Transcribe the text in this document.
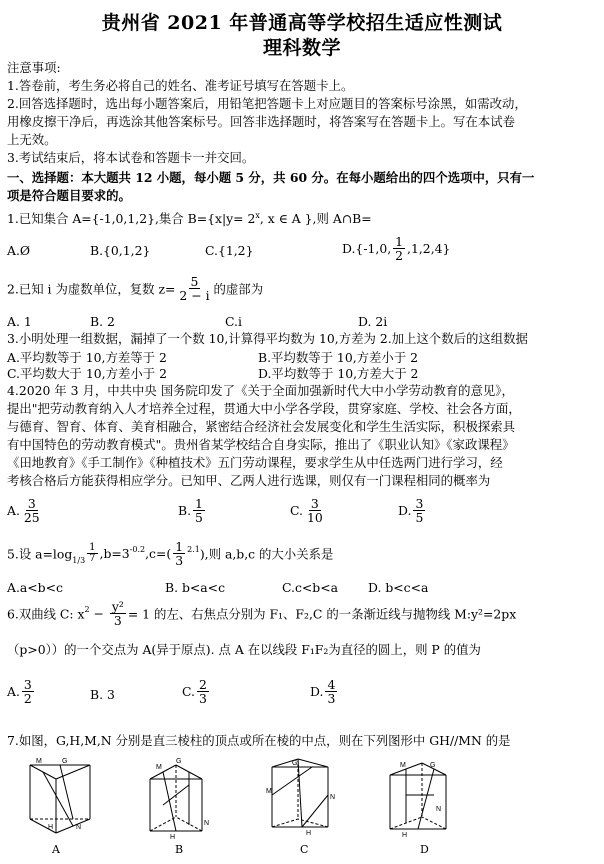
贵州省 2021 年普通高等学校招生适应性测试
理科数学
注意事项:
1.答卷前，考生务必将自己的姓名、准考证号填写在答题卡上。
2.回答选择题时，选出每小题答案后，用铅笔把答题卡上对应题目的答案标号涂黑，如需改动，
用橡皮擦干净后，再选涂其他答案标号。回答非选择题时，将答案写在答题卡上。写在本试卷
上无效。
3.考试结束后，将本试卷和答题卡一并交回。
一、选择题：本大题共 12 小题，每小题 5 分，共 60 分。在每小题给出的四个选项中，只有一
项是符合题目要求的。
1.已知集合 A={-1,0,1,2},集合 $B=\{x|y= 2^x$, x ∈ A },则 A∩B=
A.Ø	B.{0,1,2}	C.{1,2}	D.{-1,0, $\frac{1}{2} ,1,2,4$}
2.已知 i 为虚数单位，复数 $z= \frac{5}{2 - i}$ 的虚部为
A. 1	B. 2	C.i	D. 2i
3.小明处理一组数据，漏掉了一个数 10,计算得平均数为 10,方差为 2.加上这个数后的这组数据
A.平均数等于 10,方差等于 2	B.平均数等于 10,方差小于 2
C.平均数大于 10,方差小于 2	D.平均数等于 10,方差大于 2
4.2020 年 3 月，中共中央 国务院印发了《关于全面加强新时代大中小学劳动教育的意见》，
提出"把劳动教育纳入人才培养全过程，贯通大中小学各学段，贯穿家庭、学校、社会各方面，
与德育、智育、体育、美育相融合，紧密结合经济社会发展变化和学生生活实际，积极探索具
有中国特色的劳动教育模式"。贵州省某学校结合自身实际，推出了《职业认知》《家政课程》
《田地教育》《手工制作》《种植技术》五门劳动课程，要求学生从中任选两门进行学习，经
考核合格后方能获得相应学分。已知甲、乙两人进行选课，则仅有一门课程相同的概率为
A. $\frac{3}{25}$	B. $\frac{1}{5}$	C. $\frac{3}{10}$	D. $\frac{3}{5}$
5.设 $a=\log_{1/3} \frac{1}{7} ,b=3^{-0.2},c=( \frac{1}{3} ^{2.1})$,则 a,b,c 的大小关系是
A.a<b<c	B. b<a<c	C.c<b<a D. b<c<a
6.双曲线 C: $x^2 - \frac{\text{y²}}{3} = 1$ 的左、右焦点分别为 F₁、F₂,C 的一条渐近线与抛物线 M:y²=2px
（p>0））的一个交点为 A(异于原点). 点 A 在以线段 F₁F₂为直径的圆上，则 P 的值为
A. $\frac{3}{2}$	B. 3	C. $\frac{2}{3}$	D. $\frac{4}{3}$
7.如图，G,H,M,N 分别是直三棱柱的顶点或所在棱的中点，则在下列图形中 GH//MN 的是
M	G
H	N
M
G
H
N
G
M
H
N
M	G
H
N
A	B	C	D
